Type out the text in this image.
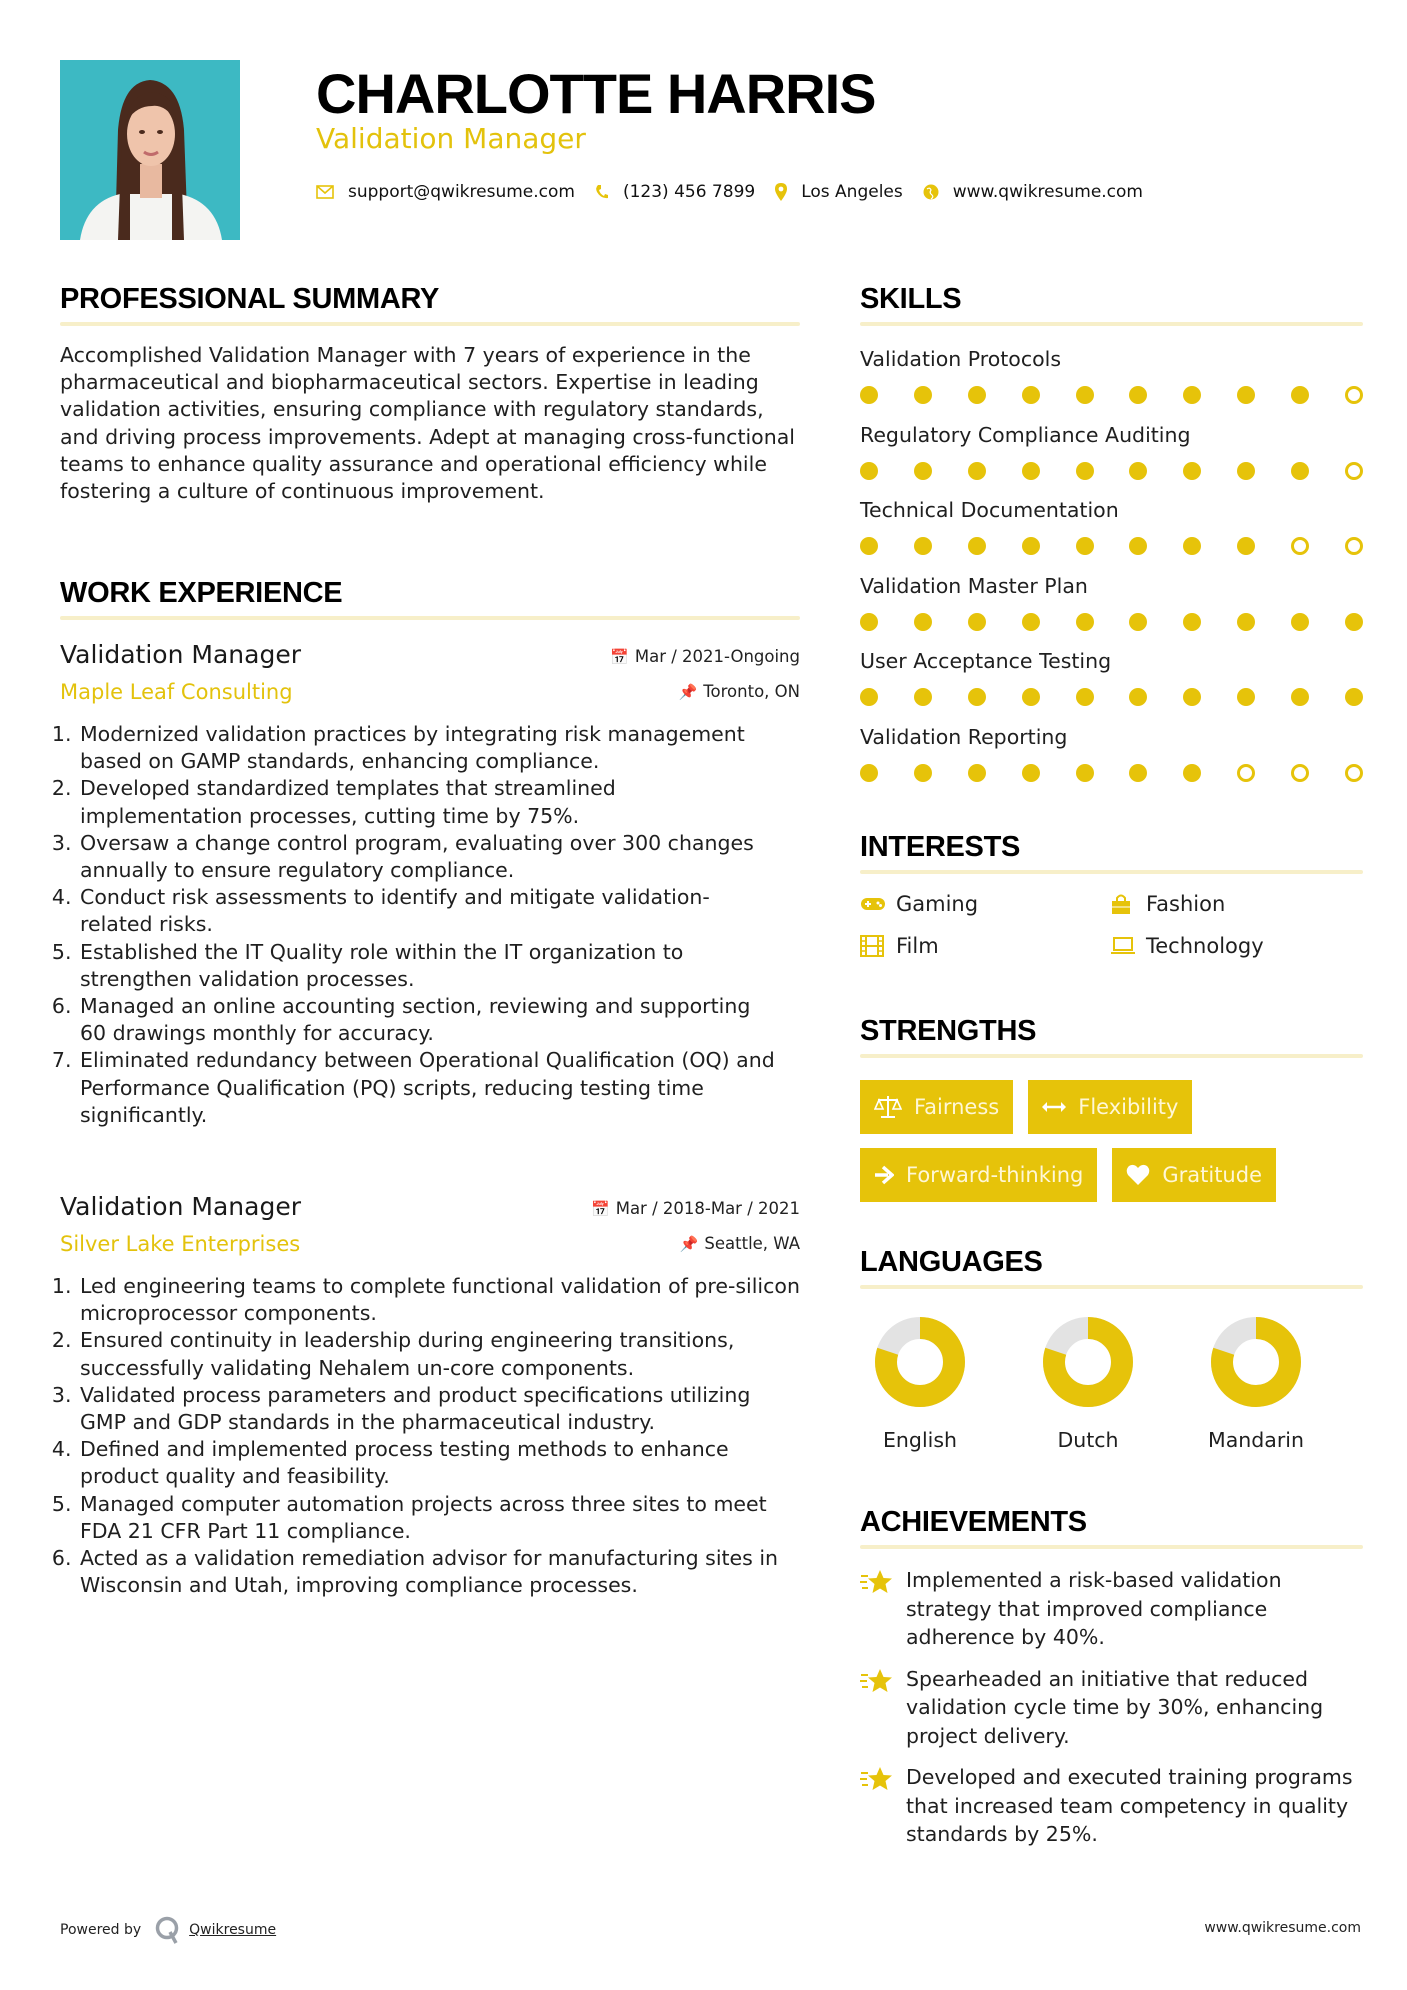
CHARLOTTE HARRIS
Validation Manager
support@qwikresume.com	(123) 456 7899	Los Angeles	www.qwikresume.com
PROFESSIONAL SUMMARY
Accomplished Validation Manager with 7 years of experience in the pharmaceutical and biopharmaceutical sectors. Expertise in leading validation activities, ensuring compliance with regulatory standards, and driving process improvements. Adept at managing cross-functional teams to enhance quality assurance and operational efficiency while fostering a culture of continuous improvement.
WORK EXPERIENCE
Validation Manager
Maple Leaf Consulting
📅 Mar / 2021-Ongoing
📌 Toronto, ON
1. Modernized validation practices by integrating risk management based on GAMP standards, enhancing compliance.
2. Developed standardized templates that streamlined implementation processes, cutting time by 75%.
3. Oversaw a change control program, evaluating over 300 changes annually to ensure regulatory compliance.
4. Conduct risk assessments to identify and mitigate validation-related risks.
5. Established the IT Quality role within the IT organization to strengthen validation processes.
6. Managed an online accounting section, reviewing and supporting 60 drawings monthly for accuracy.
7. Eliminated redundancy between Operational Qualification (OQ) and Performance Qualification (PQ) scripts, reducing testing time significantly.
Validation Manager
Silver Lake Enterprises
📅 Mar / 2018-Mar / 2021
📌 Seattle, WA
1. Led engineering teams to complete functional validation of pre-silicon microprocessor components.
2. Ensured continuity in leadership during engineering transitions, successfully validating Nehalem un-core components.
3. Validated process parameters and product specifications utilizing GMP and GDP standards in the pharmaceutical industry.
4. Defined and implemented process testing methods to enhance product quality and feasibility.
5. Managed computer automation projects across three sites to meet FDA 21 CFR Part 11 compliance.
6. Acted as a validation remediation advisor for manufacturing sites in Wisconsin and Utah, improving compliance processes.
SKILLS
Validation Protocols
Regulatory Compliance Auditing
Technical Documentation
Validation Master Plan
User Acceptance Testing
Validation Reporting
INTERESTS
Gaming	Fashion
Film	Technology
STRENGTHS
Fairness	Flexibility
Forward-thinking	Gratitude
LANGUAGES
English	Dutch	Mandarin
ACHIEVEMENTS
Implemented a risk-based validation strategy that improved compliance adherence by 40%.
Spearheaded an initiative that reduced validation cycle time by 30%, enhancing project delivery.
Developed and executed training programs that increased team competency in quality standards by 25%.
Powered by	Qwikresume	www.qwikresume.com
